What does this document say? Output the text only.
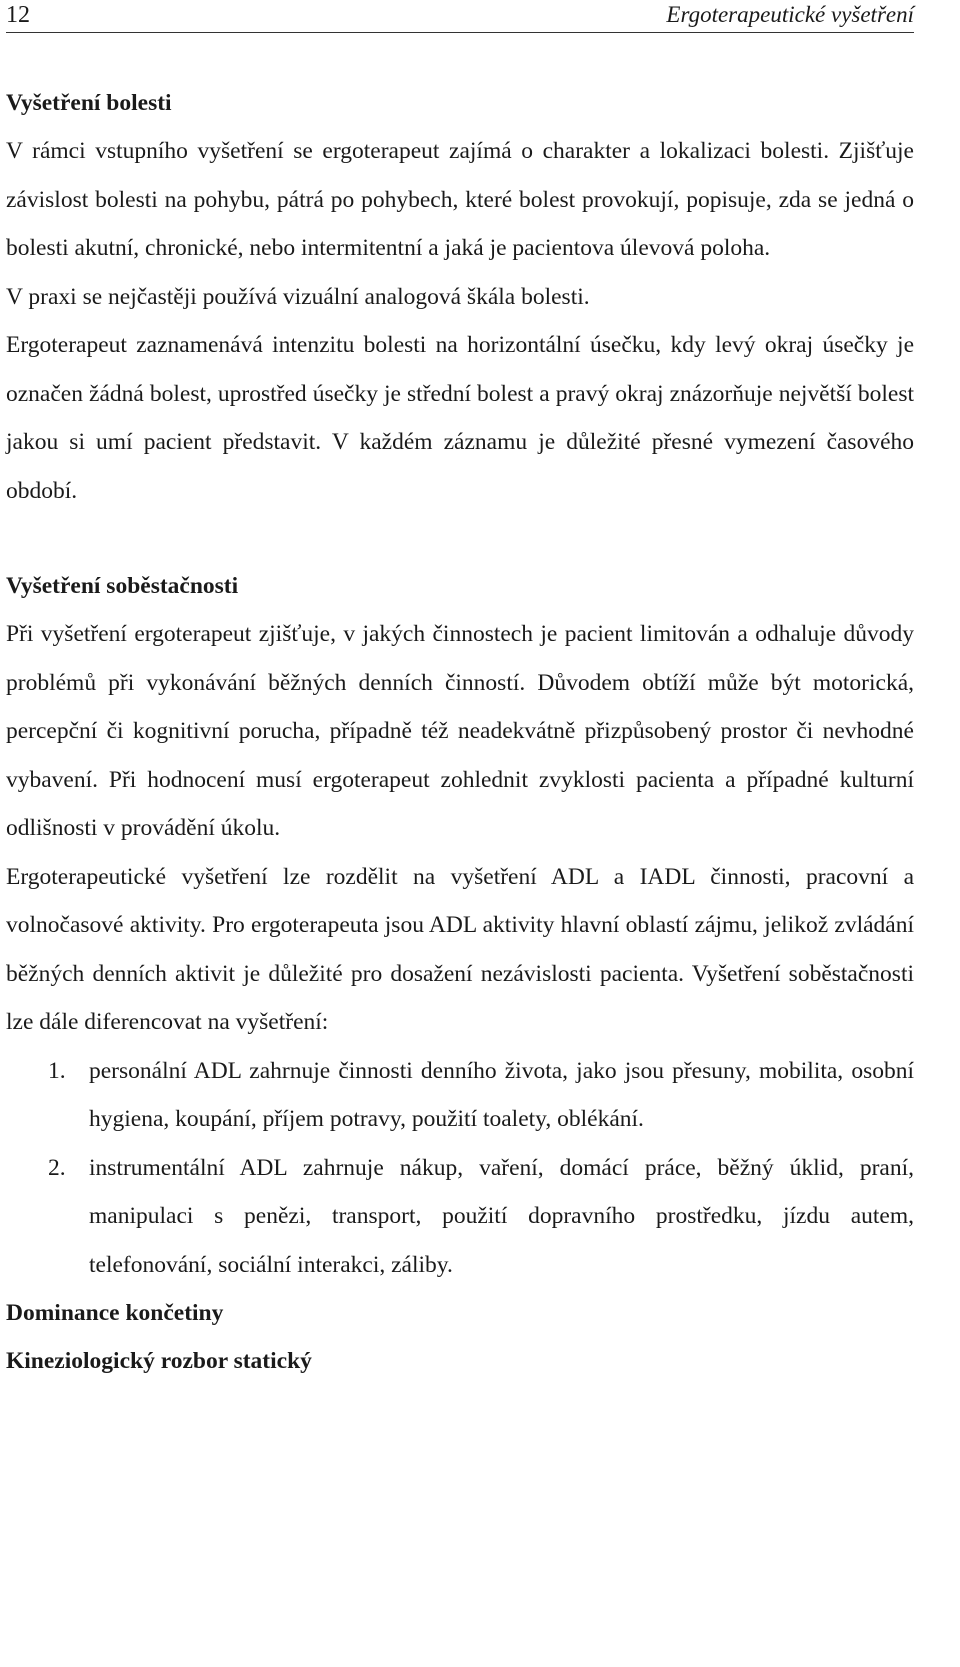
12	Ergoterapeutické vyšetření

Vyšetření bolesti

V rámci vstupního vyšetření se ergoterapeut zajímá o charakter a lokalizaci bolesti. Zjišťuje závislost bolesti na pohybu, pátrá po pohybech, které bolest provokují, popisuje, zda se jedná o bolesti akutní, chronické, nebo intermitentní a jaká je pacientova úlevová poloha.

V praxi se nejčastěji používá vizuální analogová škála bolesti.

Ergoterapeut zaznamenává intenzitu bolesti na horizontální úsečku, kdy levý okraj úsečky je označen žádná bolest, uprostřed úsečky je střední bolest a pravý okraj znázorňuje největší bolest jakou si umí pacient představit. V každém záznamu je důležité přesné vymezení časového období.

Vyšetření soběstačnosti

Při vyšetření ergoterapeut zjišťuje, v jakých činnostech je pacient limitován a odhaluje důvody problémů při vykonávání běžných denních činností. Důvodem obtíží může být motorická, percepční či kognitivní porucha, případně též neadekvátně přizpůsobený prostor či nevhodné vybavení. Při hodnocení musí ergoterapeut zohlednit zvyklosti pacienta a případné kulturní odlišnosti v provádění úkolu.

Ergoterapeutické vyšetření lze rozdělit na vyšetření ADL a IADL činnosti, pracovní a volnočasové aktivity. Pro ergoterapeuta jsou ADL aktivity hlavní oblastí zájmu, jelikož zvládání běžných denních aktivit je důležité pro dosažení nezávislosti pacienta. Vyšetření soběstačnosti lze dále diferencovat na vyšetření:

1. personální ADL zahrnuje činnosti denního života, jako jsou přesuny, mobilita, osobní hygiena, koupání, příjem potravy, použití toalety, oblékání.
2. instrumentální ADL zahrnuje nákup, vaření, domácí práce, běžný úklid, praní, manipulaci s penězi, transport, použití dopravního prostředku, jízdu autem, telefonování, sociální interakci, záliby.

Dominance končetiny

Kineziologický rozbor statický
